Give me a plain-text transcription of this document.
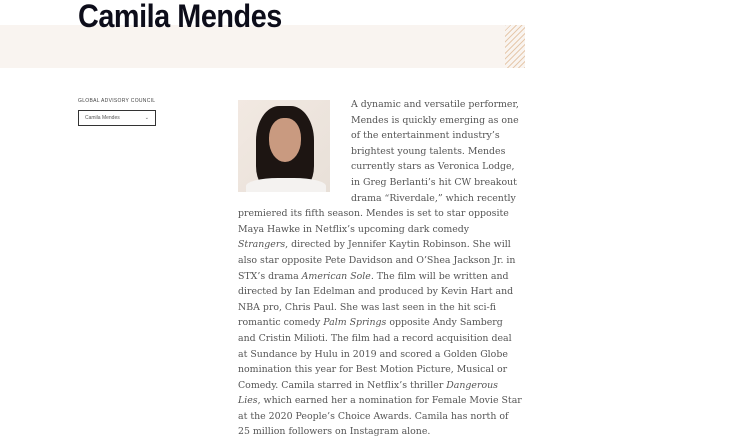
Camila Mendes
GLOBAL ADVISORY COUNCIL
Camila Mendes	⌄
A dynamic and versatile performer, Mendes is quickly emerging as one of the entertainment industry’s brightest young talents. Mendes currently stars as Veronica Lodge, in Greg Berlanti’s hit CW breakout drama “Riverdale,” which recently premiered its fifth season. Mendes is set to star opposite Maya Hawke in Netflix’s upcoming dark comedy Strangers, directed by Jennifer Kaytin Robinson. She will also star opposite Pete Davidson and O’Shea Jackson Jr. in STX’s drama American Sole. The film will be written and directed by Ian Edelman and produced by Kevin Hart and NBA pro, Chris Paul. She was last seen in the hit sci-fi romantic comedy Palm Springs opposite Andy Samberg and Cristin Milioti. The film had a record acquisition deal at Sundance by Hulu in 2019 and scored a Golden Globe nomination this year for Best Motion Picture, Musical or Comedy. Camila starred in Netflix’s thriller Dangerous Lies, which earned her a nomination for Female Movie Star at the 2020 People’s Choice Awards. Camila has north of 25 million followers on Instagram alone.
